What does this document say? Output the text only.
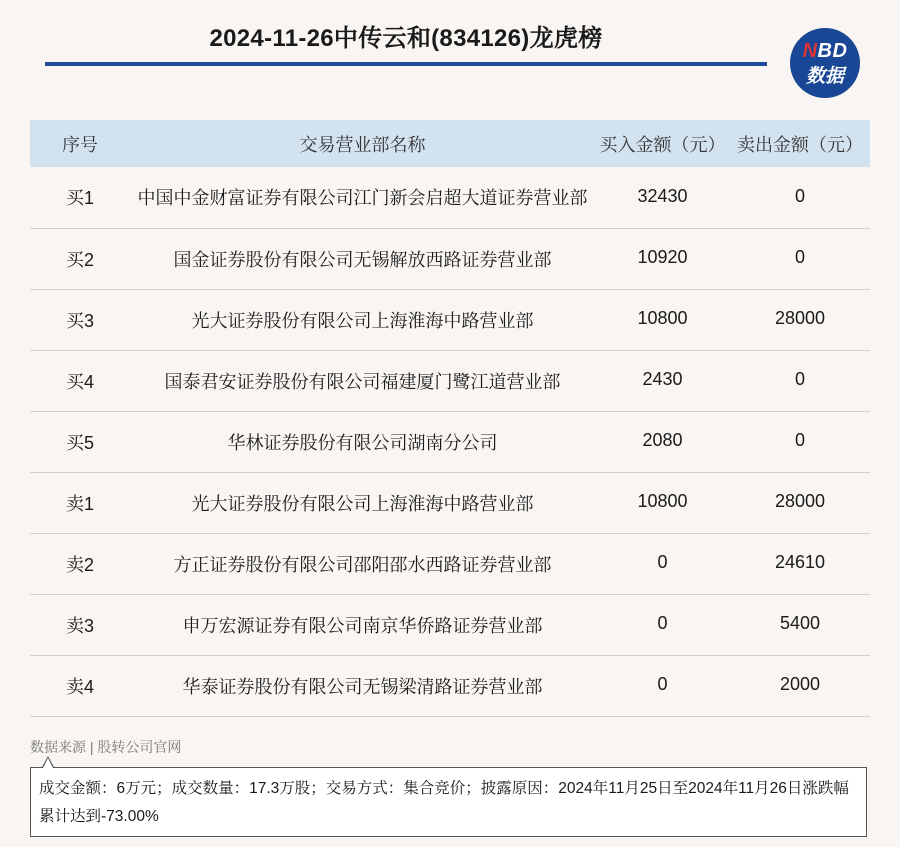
2024-11-26中传云和(834126)龙虎榜	NBD
数据
序号	交易营业部名称	买入金额（元）	卖出金额（元）
买1	中国中金财富证券有限公司江门新会启超大道证券营业部	32430	0
买2	国金证券股份有限公司无锡解放西路证券营业部	10920	0
买3	光大证券股份有限公司上海淮海中路营业部	10800	28000
买4	国泰君安证券股份有限公司福建厦门鹭江道营业部	2430	0
买5	华林证券股份有限公司湖南分公司	2080	0
卖1	光大证券股份有限公司上海淮海中路营业部	10800	28000
卖2	方正证券股份有限公司邵阳邵水西路证券营业部	0	24610
卖3	申万宏源证券有限公司南京华侨路证券营业部	0	5400
卖4	华泰证券股份有限公司无锡梁清路证券营业部	0	2000
数据来源 | 股转公司官网
成交金额：6万元；成交数量：17.3万股；交易方式：集合竞价；披露原因：2024年11月25日至2024年11月26日涨跌幅累计达到-73.00%
